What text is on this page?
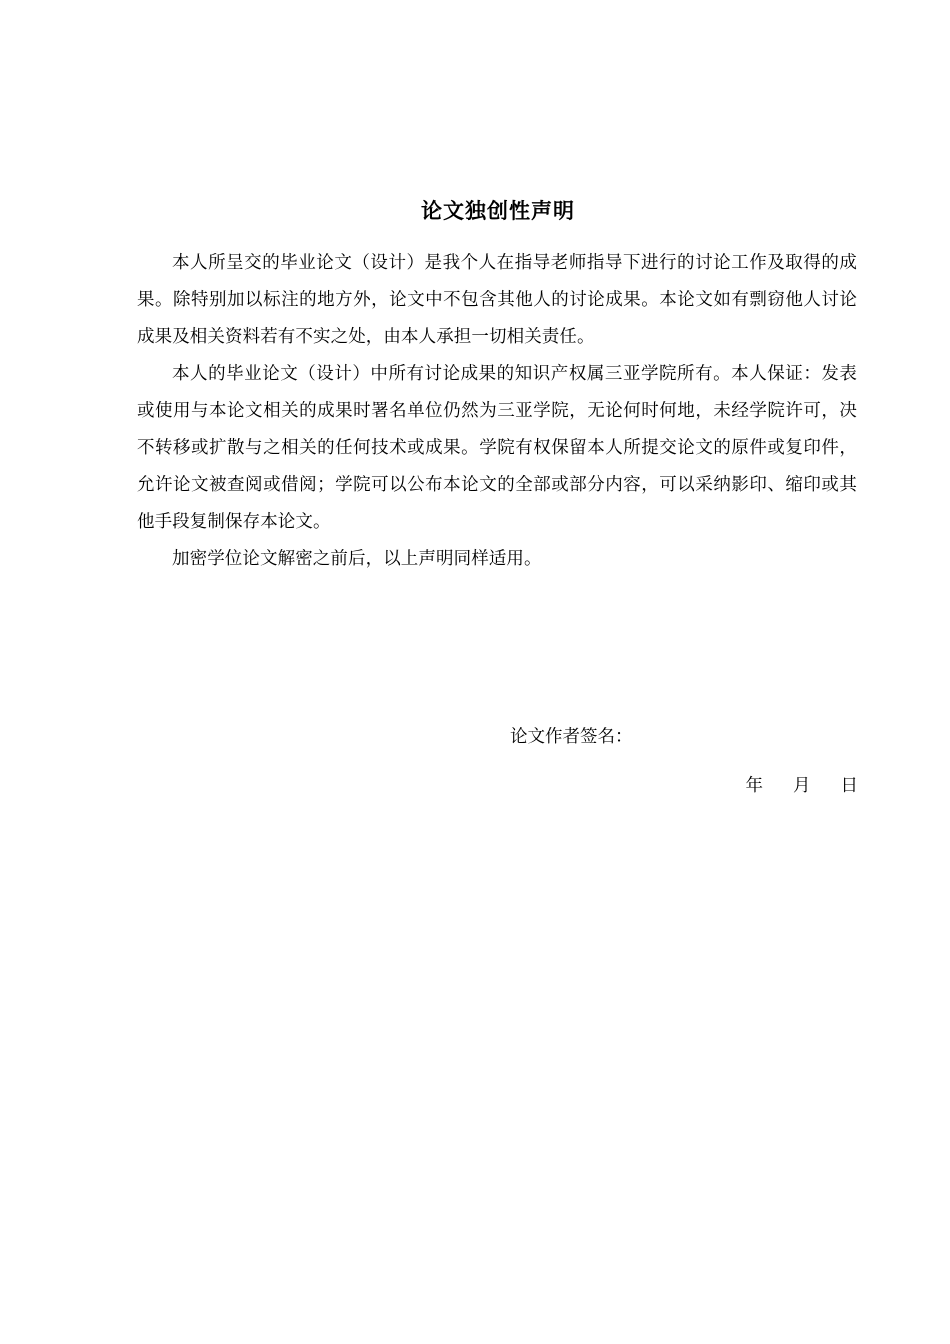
论文独创性声明

本人所呈交的毕业论文（设计）是我个人在指导老师指导下进行的讨论工作及取得的成果。除特别加以标注的地方外，论文中不包含其他人的讨论成果。本论文如有剽窃他人讨论成果及相关资料若有不实之处，由本人承担一切相关责任。

本人的毕业论文（设计）中所有讨论成果的知识产权属三亚学院所有。本人保证：发表或使用与本论文相关的成果时署名单位仍然为三亚学院，无论何时何地，未经学院许可，决不转移或扩散与之相关的任何技术或成果。学院有权保留本人所提交论文的原件或复印件，允许论文被查阅或借阅；学院可以公布本论文的全部或部分内容，可以采纳影印、缩印或其他手段复制保存本论文。

加密学位论文解密之前后，以上声明同样适用。

论文作者签名：
年 月 日
